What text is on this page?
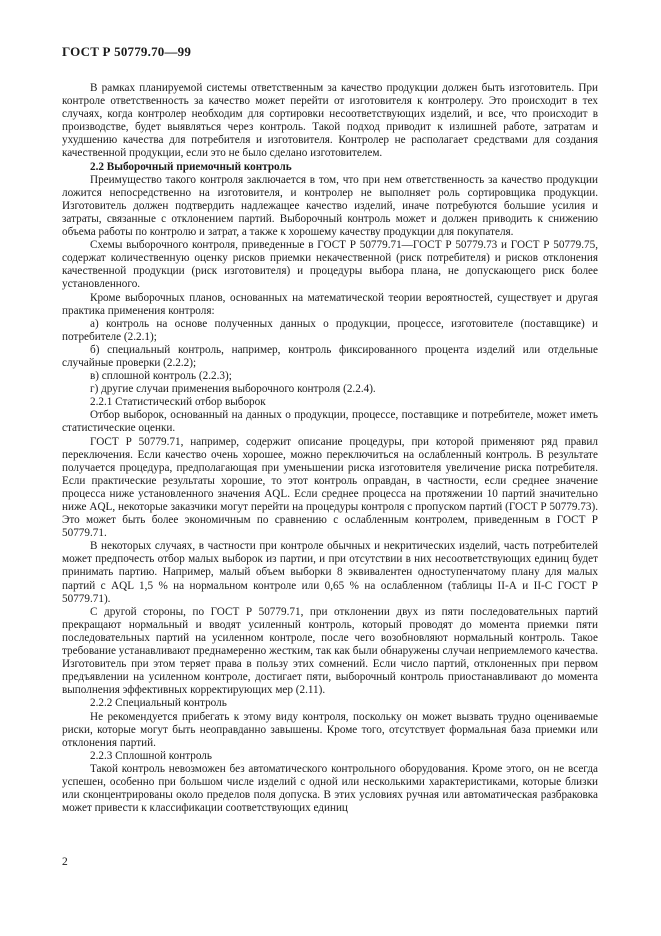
ГОСТ Р 50779.70—99

В рамках планируемой системы ответственным за качество продукции должен быть изготовитель. При контроле ответственность за качество может перейти от изготовителя к контролеру. Это происходит в тех случаях, когда контролер необходим для сортировки несоответствующих изделий, и все, что происходит в производстве, будет выявляться через контроль. Такой подход приводит к излишней работе, затратам и ухудшению качества для потребителя и изготовителя. Контролер не располагает средствами для создания качественной продукции, если это не было сделано изготовителем.

2.2 Выборочный приемочный контроль

Преимущество такого контроля заключается в том, что при нем ответственность за качество продукции ложится непосредственно на изготовителя, и контролер не выполняет роль сортировщика продукции. Изготовитель должен подтвердить надлежащее качество изделий, иначе потребуются большие усилия и затраты, связанные с отклонением партий. Выборочный контроль может и должен приводить к снижению объема работы по контролю и затрат, а также к хорошему качеству продукции для покупателя.

Схемы выборочного контроля, приведенные в ГОСТ Р 50779.71—ГОСТ Р 50779.73 и ГОСТ Р 50779.75, содержат количественную оценку рисков приемки некачественной (риск потребителя) и рисков отклонения качественной продукции (риск изготовителя) и процедуры выбора плана, не допускающего риск более установленного.

Кроме выборочных планов, основанных на математической теории вероятностей, существует и другая практика применения контроля:

а) контроль на основе полученных данных о продукции, процессе, изготовителе (поставщике) и потребителе (2.2.1);

б) специальный контроль, например, контроль фиксированного процента изделий или отдельные случайные проверки (2.2.2);

в) сплошной контроль (2.2.3);

г) другие случаи применения выборочного контроля (2.2.4).

2.2.1 Статистический отбор выборок

Отбор выборок, основанный на данных о продукции, процессе, поставщике и потребителе, может иметь статистические оценки.

ГОСТ Р 50779.71, например, содержит описание процедуры, при которой применяют ряд правил переключения. Если качество очень хорошее, можно переключиться на ослабленный контроль. В результате получается процедура, предполагающая при уменьшении риска изготовителя увеличение риска потребителя. Если практические результаты хорошие, то этот контроль оправдан, в частности, если среднее значение процесса ниже установленного значения AQL. Если среднее процесса на протяжении 10 партий значительно ниже AQL, некоторые заказчики могут перейти на процедуры контроля с пропуском партий (ГОСТ Р 50779.73). Это может быть более экономичным по сравнению с ослабленным контролем, приведенным в ГОСТ Р 50779.71.

В некоторых случаях, в частности при контроле обычных и некритических изделий, часть потребителей может предпочесть отбор малых выборок из партии, и при отсутствии в них несоответствующих единиц будет принимать партию. Например, малый объем выборки 8 эквивалентен одноступенчатому плану для малых партий с AQL 1,5 % на нормальном контроле или 0,65 % на ослабленном (таблицы II-А и II-С ГОСТ Р 50779.71).

С другой стороны, по ГОСТ Р 50779.71, при отклонении двух из пяти последовательных партий прекращают нормальный и вводят усиленный контроль, который проводят до момента приемки пяти последовательных партий на усиленном контроле, после чего возобновляют нормальный контроль. Такое требование устанавливают преднамеренно жестким, так как были обнаружены случаи неприемлемого качества. Изготовитель при этом теряет права в пользу этих сомнений. Если число партий, отклоненных при первом предъявлении на усиленном контроле, достигает пяти, выборочный контроль приостанавливают до момента выполнения эффективных корректирующих мер (2.11).

2.2.2 Специальный контроль

Не рекомендуется прибегать к этому виду контроля, поскольку он может вызвать трудно оцениваемые риски, которые могут быть неоправданно завышены. Кроме того, отсутствует формальная база приемки или отклонения партий.

2.2.3 Сплошной контроль

Такой контроль невозможен без автоматического контрольного оборудования. Кроме этого, он не всегда успешен, особенно при большом числе изделий с одной или несколькими характеристиками, которые близки или сконцентрированы около пределов поля допуска. В этих условиях ручная или автоматическая разбраковка может привести к классификации соответствующих единиц

2
